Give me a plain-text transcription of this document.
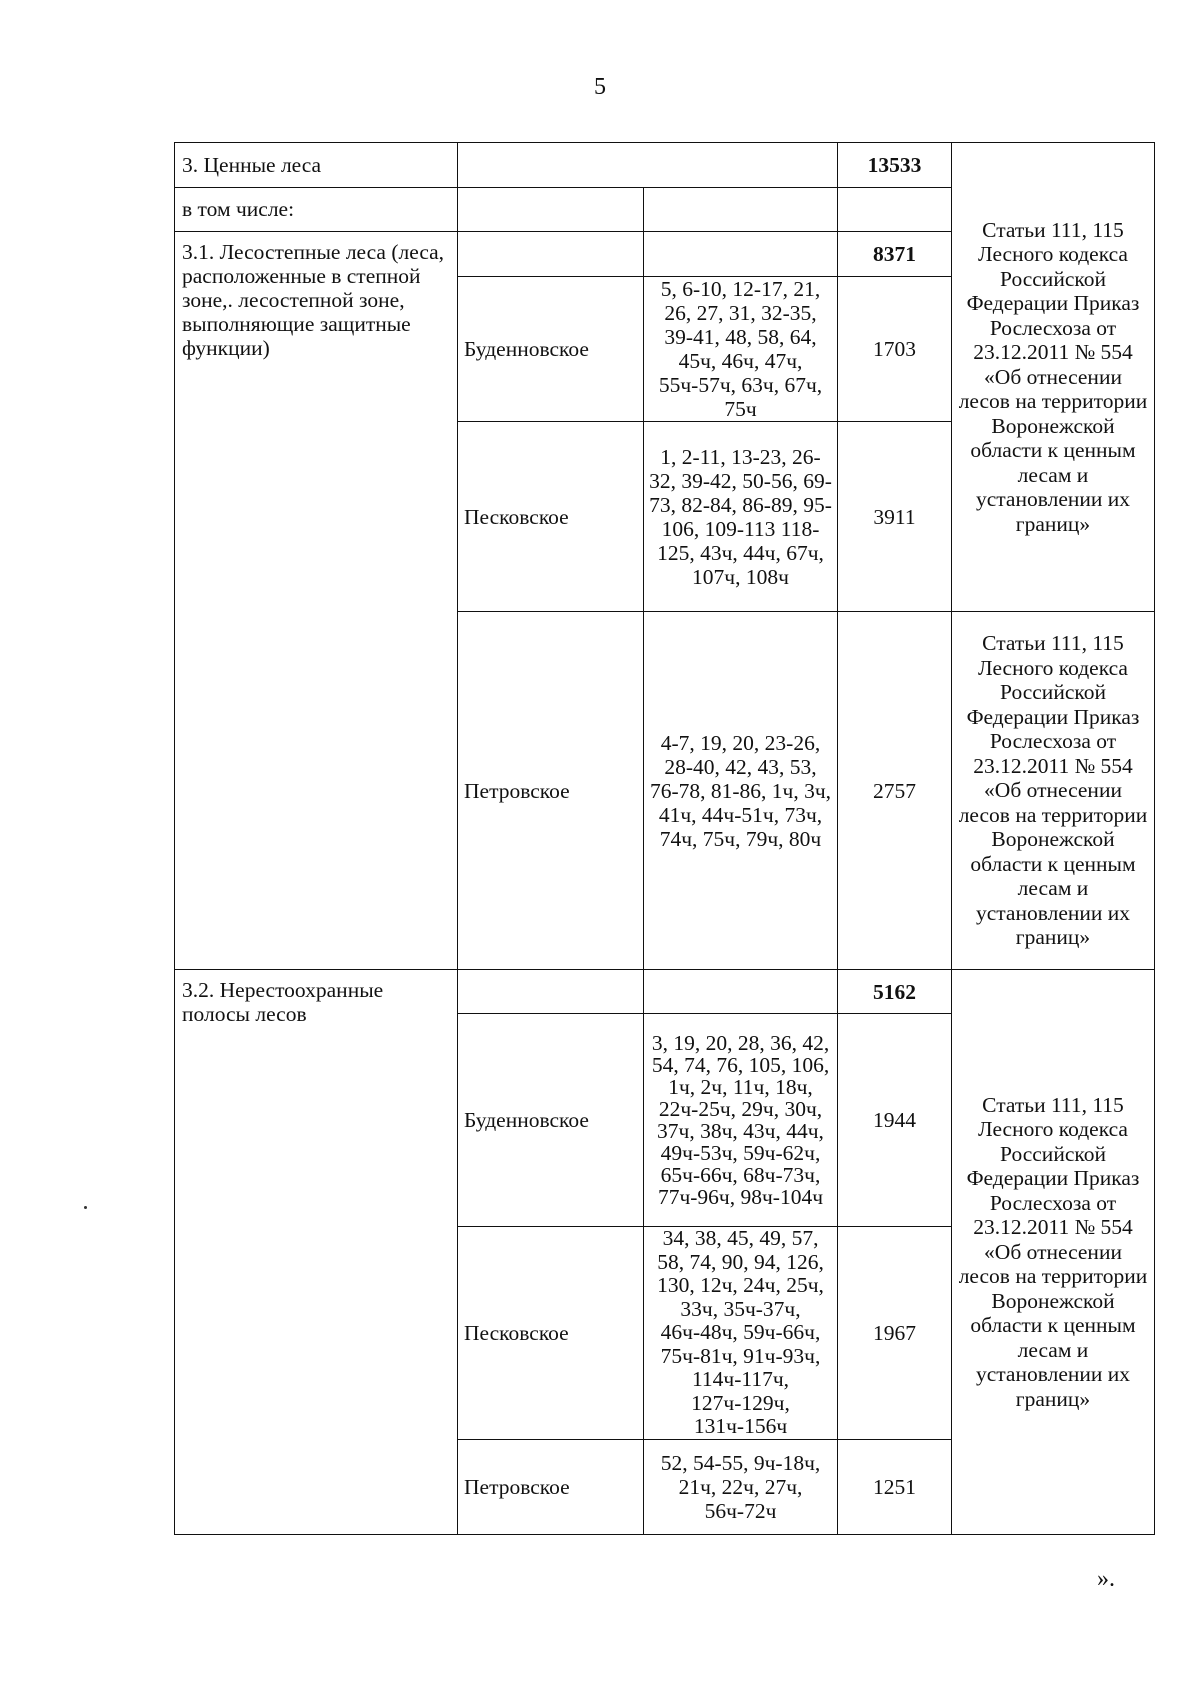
5
3. Ценные леса			13533	Статьи 111, 115 Лесного кодекса Российской Федерации Приказ Рослесхоза от 23.12.2011 № 554 «Об отнесении лесов на территории Воронежской области к ценным лесам и установлении их границ»
в том числе:				
3.1. Лесостепные леса (леса, расположенные в степной зоне,. лесостепной зоне, выполняющие защитные функции)			8371	
	Буденновское	5, 6-10, 12-17, 21, 26, 27, 31, 32-35, 39-41, 48, 58, 64, 45ч, 46ч, 47ч, 55ч-57ч, 63ч, 67ч, 75ч	1703	
	Песковское	1, 2-11, 13-23, 26-32, 39-42, 50-56, 69-73, 82-84, 86-89, 95-106, 109-113 118-125, 43ч, 44ч, 67ч, 107ч, 108ч	3911	
	Петровское	4-7, 19, 20, 23-26, 28-40, 42, 43, 53, 76-78, 81-86, 1ч, 3ч, 41ч, 44ч-51ч, 73ч, 74ч, 75ч, 79ч, 80ч	2757	Статьи 111, 115 Лесного кодекса Российской Федерации Приказ Рослесхоза от 23.12.2011 № 554 «Об отнесении лесов на территории Воронежской области к ценным лесам и установлении их границ»
3.2. Нерестоохранные полосы лесов			5162	Статьи 111, 115 Лесного кодекса Российской Федерации Приказ Рослесхоза от 23.12.2011 № 554 «Об отнесении лесов на территории Воронежской области к ценным лесам и установлении их границ»
	Буденновское	3, 19, 20, 28, 36, 42, 54, 74, 76, 105, 106, 1ч, 2ч, 11ч, 18ч, 22ч-25ч, 29ч, 30ч, 37ч, 38ч, 43ч, 44ч, 49ч-53ч, 59ч-62ч, 65ч-66ч, 68ч-73ч, 77ч-96ч, 98ч-104ч	1944	
	Песковское	34, 38, 45, 49, 57, 58, 74, 90, 94, 126, 130, 12ч, 24ч, 25ч, 33ч, 35ч-37ч, 46ч-48ч, 59ч-66ч, 75ч-81ч, 91ч-93ч, 114ч-117ч, 127ч-129ч, 131ч-156ч	1967	
	Петровское	52, 54-55, 9ч-18ч, 21ч, 22ч, 27ч, 56ч-72ч	1251	
».
